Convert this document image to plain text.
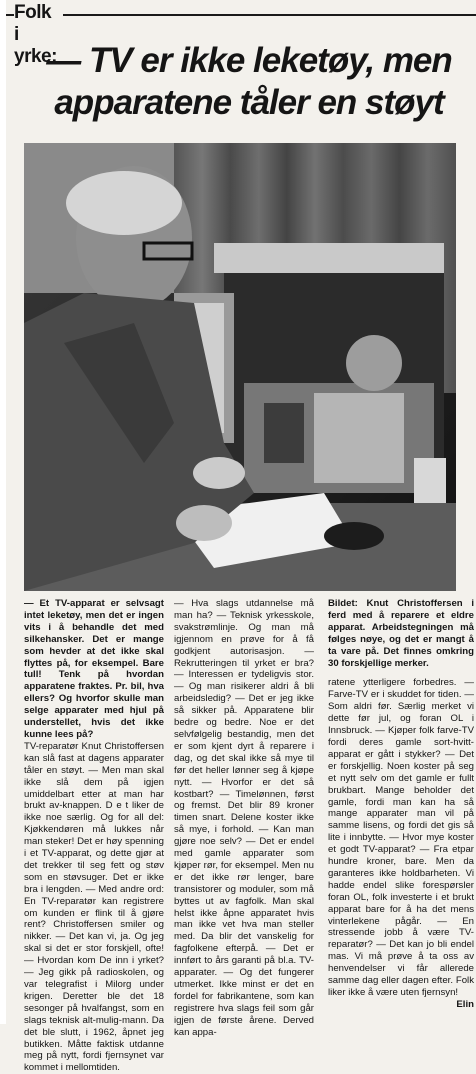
Folk i yrke:
— TV er ikke leketøy, men apparatene tåler en støyt

— Et TV-apparat er selvsagt intet leketøy, men det er ingen vits i å behandle det med silkehansker. Det er mange som hevder at det ikke skal flyttes på, for eksempel. Bare tull! Tenk på hvordan apparatene fraktes. Pr. bil, hva ellers? Og hvorfor skulle man selge apparater med hjul på understellet, hvis det ikke kunne lees på?

TV-reparatør Knut Christoffersen kan slå fast at dagens apparater tåler en støyt. — Men man skal ikke slå dem på igjen umiddelbart etter at man har brukt av-knappen. D e t liker de ikke noe særlig. Og for all del: Kjøkkendøren må lukkes når man steker! Det er høy spenning i et TV-apparat, og dette gjør at det trekker til seg fett og støv som en støvsuger. Det er ikke bra i lengden. — Med andre ord: En TV-reparatør kan registrere om kunden er flink til å gjøre rent? Christoffersen smiler og nikker. — Det kan vi, ja. Og jeg skal si det er stor forskjell, ofte! — Hvordan kom De inn i yrket? — Jeg gikk på radioskolen, og var telegrafist i Milorg under krigen. Deretter ble det 18 sesonger på hvalfangst, som en slags teknisk alt-mulig-mann. Da det ble slutt, i 1962, åpnet jeg butikken. Måtte faktisk utdanne meg på nytt, fordi fjernsynet var kommet i mellomtiden.

— Hva slags utdannelse må man ha? — Teknisk yrkesskole, svakstrømlinje. Og man må igjennom en prøve for å få godkjent autorisasjon. — Rekrutteringen til yrket er bra? — Interessen er tydeligvis stor. — Og man risikerer aldri å bli arbeidsledig? — Det er jeg ikke så sikker på. Apparatene blir bedre og bedre. Noe er det selvfølgelig bestandig, men det er som kjent dyrt å reparere i dag, og det skal ikke så mye til før det heller lønner seg å kjøpe nytt. — Hvorfor er det så kostbart? — Timelønnen, først og fremst. Det blir 89 kroner timen snart. Delene koster ikke så mye, i forhold. — Kan man gjøre noe selv? — Det er endel med gamle apparater som kjøper rør, for eksempel. Men nu er det ikke rør lenger, bare transistorer og moduler, som må byttes ut av fagfolk. Man skal helst ikke åpne apparatet hvis man ikke vet hva man steller med. Da blir det vanskelig for fagfolkene efterpå. — Det er innført to års garanti på bl.a. TV-apparater. — Og det fungerer utmerket. Ikke minst er det en fordel for fabrikantene, som kan registrere hva slags feil som går igjen de første årene. Derved kan appa-

Bildet: Knut Christoffersen i ferd med å reparere et eldre apparat. Arbeidstegningen må følges nøye, og det er mangt å ta vare på. Det finnes omkring 30 forskjellige merker.

ratene ytterligere forbedres. — Farve-TV er i skuddet for tiden. — Som aldri før. Særlig merket vi dette før jul, og foran OL i Innsbruck. — Kjøper folk farve-TV fordi deres gamle sort-hvitt-apparat er gått i stykker? — Det er forskjellig. Noen koster på seg et nytt selv om det gamle er fullt brukbart. Mange beholder det gamle, fordi man kan ha så mange apparater man vil på samme lisens, og fordi det gis så lite i innbytte. — Hvor mye koster et godt TV-apparat? — Fra etpar hundre kroner, bare. Men da garanteres ikke holdbarheten. Vi hadde endel slike forespørsler foran OL, folk investerte i et brukt apparat bare for å ha det mens vinterlekene pågår. — En stressende jobb å være TV-reparatør? — Det kan jo bli endel mas. Vi må prøve å ta oss av henvendelser vi får allerede samme dag eller dagen efter. Folk liker ikke å være uten fjernsyn!

Elin
